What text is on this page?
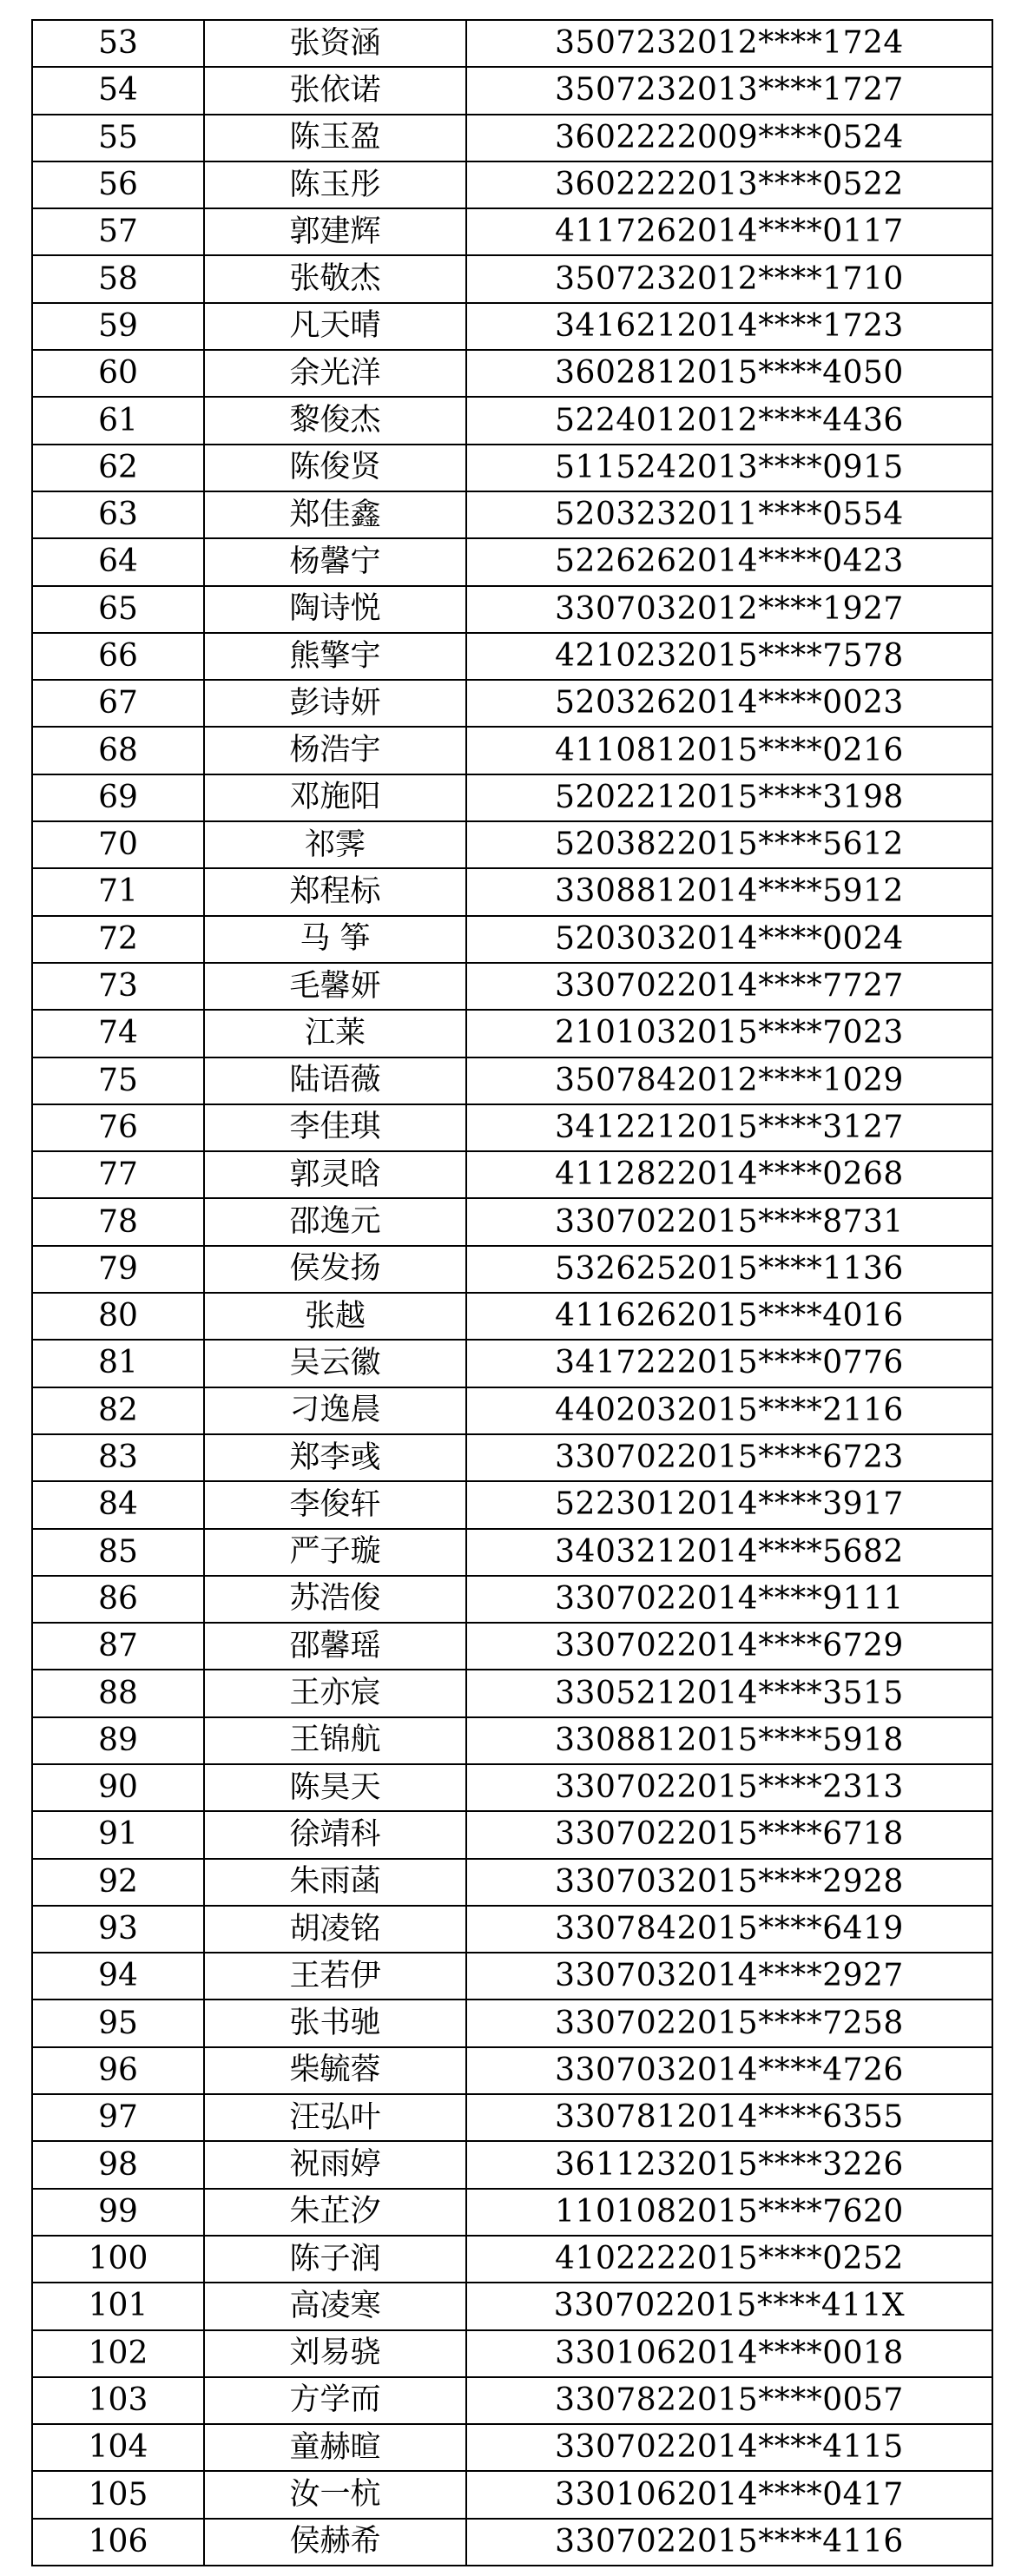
53	张资涵	3507232012****1724
54	张依诺	3507232013****1727
55	陈玉盈	3602222009****0524
56	陈玉彤	3602222013****0522
57	郭建辉	4117262014****0117
58	张敬杰	3507232012****1710
59	凡天晴	3416212014****1723
60	余光洋	3602812015****4050
61	黎俊杰	5224012012****4436
62	陈俊贤	5115242013****0915
63	郑佳鑫	5203232011****0554
64	杨馨宁	5226262014****0423
65	陶诗悦	3307032012****1927
66	熊擎宇	4210232015****7578
67	彭诗妍	5203262014****0023
68	杨浩宇	4110812015****0216
69	邓施阳	5202212015****3198
70	祁霁	5203822015****5612
71	郑程标	3308812014****5912
72	马 筝	5203032014****0024
73	毛馨妍	3307022014****7727
74	江莱	2101032015****7023
75	陆语薇	3507842012****1029
76	李佳琪	3412212015****3127
77	郭灵晗	4112822014****0268
78	邵逸元	3307022015****8731
79	侯发扬	5326252015****1136
80	张越	4116262015****4016
81	吴云徽	3417222015****0776
82	刁逸晨	4402032015****2116
83	郑李彧	3307022015****6723
84	李俊轩	5223012014****3917
85	严子璇	3403212014****5682
86	苏浩俊	3307022014****9111
87	邵馨瑶	3307022014****6729
88	王亦宸	3305212014****3515
89	王锦航	3308812015****5918
90	陈昊天	3307022015****2313
91	徐靖科	3307022015****6718
92	朱雨菡	3307032015****2928
93	胡凌铭	3307842015****6419
94	王若伊	3307032014****2927
95	张书驰	3307022015****7258
96	柴毓蓉	3307032014****4726
97	汪弘叶	3307812014****6355
98	祝雨婷	3611232015****3226
99	朱芷汐	1101082015****7620
100	陈子润	4102222015****0252
101	高凌寒	3307022015****411X
102	刘易骁	3301062014****0018
103	方学而	3307822015****0057
104	童赫暄	3307022014****4115
105	汝一杭	3301062014****0417
106	侯赫希	3307022015****4116
